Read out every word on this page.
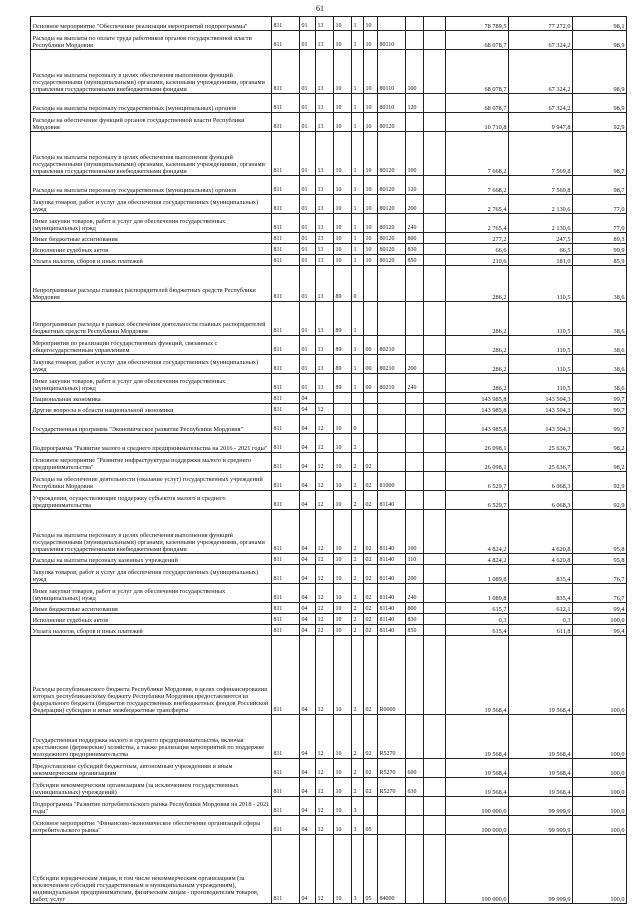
61
Основное мероприятие "Обеспечение реализации мероприятий подпрограммы"	811	01	13	10	1	10				78 789,5	77 272,0	98,1
Расходы на выплаты по оплате труда работников органов государственной власти Республики Мордовия	811	01	13	10	1	10	80110			68 078,7	67 324,2	98,9
Расходы на выплаты персоналу в целях обеспечения выполнения функций государственными (муниципальными) органами, казенными учреждениями, органами управления государственными внебюджетными фондами	811	01	13	10	1	10	80110	100		68 078,7	67 324,2	98,9
Расходы на выплаты персоналу государственных (муниципальных) органов	811	01	13	10	1	10	80110	120		68 078,7	67 324,2	98,9
Расходы на обеспечение функций органов государственной власти Республики Мордовия	811	01	13	10	1	10	80120			10 710,8	9 947,8	92,9
Расходы на выплаты персоналу в целях обеспечения выполнения функций государственными (муниципальными) органами, казенными учреждениями, органами управления государственными внебюджетными фондами	811	01	13	10	1	10	80120	100		7 668,2	7 569,8	98,7
Расходы на выплаты персоналу государственных (муниципальных) органов	811	01	13	10	1	10	80120	120		7 668,2	7 569,8	98,7
Закупка товаров, работ и услуг для обеспечения государственных (муниципальных) нужд	811	01	13	10	1	10	80120	200		2 765,4	2 130,6	77,0
Иные закупки товаров, работ и услуг для обеспечения государственных (муниципальных) нужд	811	01	13	10	1	10	80120	240		2 765,4	2 130,6	77,0
Иные бюджетные ассигнования	811	01	13	10	1	10	80120	800		277,2	247,5	89,3
Исполнение судебных актов	811	01	13	10	1	10	80120	830		66,6	66,5	99,9
Уплата налогов, сборов и иных платежей	811	01	13	10	1	10	80120	850		210,6	181,0	85,9
Непрограммные расходы главных распорядителей бюджетных средств Республики Мордовия	811	01	13	89	0					286,2	110,5	38,6
Непрограммные расходы в рамках обеспечения деятельности главных распорядителей бюджетных средств Республики Мордовия	811	01	13	89	1					286,2	110,5	38,6
Мероприятия по реализации государственных функций, связанных с общегосударственным управлением	811	01	13	89	1	00	80210			286,2	110,5	38,6
Закупка товаров, работ и услуг для обеспечения государственных (муниципальных) нужд	811	01	13	89	1	00	80210	200		286,2	110,5	38,6
Иные закупки товаров, работ и услуг для обеспечения государственных (муниципальных) нужд	811	01	13	89	1	00	80210	240		286,2	110,5	38,6
Национальная экономика	811	04								143 985,8	143 504,3	99,7
Другие вопросы в области национальной экономики	811	04	12							143 985,8	143 504,3	99,7
Государственная программа "Экономическое развитие Республики Мордовия"	811	04	12	10	0					143 985,8	143 504,3	99,7
Подпрограмма "Развитие малого и среднего предпринимательства на 2016 - 2021 годы"	811	04	12	10	2					26 098,1	25 636,7	98,2
Основное мероприятие "Развитие инфраструктуры поддержки малого и среднего предпринимательства"	811	04	12	10	2	02				26 098,1	25 636,7	98,2
Расходы на обеспечение деятельности (оказание услуг) государственных учреждений Республики Мордовия	811	04	12	10	2	02	81000			6 529,7	6 068,3	92,9
Учреждения, осуществляющие поддержку субъектов малого и среднего предпринимательства	811	04	12	10	2	02	81140			6 529,7	6 068,3	92,9
Расходы на выплаты персоналу в целях обеспечения выполнения функций государственными (муниципальными) органами, казенными учреждениями, органами управления государственными внебюджетными фондами	811	04	12	10	2	02	81140	100		4 824,2	4 620,8	95,8
Расходы на выплаты персоналу казенных учреждений	811	04	12	10	2	02	81140	110		4 824,2	4 620,8	95,8
Закупка товаров, работ и услуг для обеспечения государственных (муниципальных) нужд	811	04	12	10	2	02	81140	200		1 089,8	835,4	76,7
Иные закупки товаров, работ и услуг для обеспечения государственных (муниципальных) нужд	811	04	12	10	2	02	81140	240		1 089,8	835,4	76,7
Иные бюджетные ассигнования	811	04	12	10	2	02	81140	800		615,7	612,1	99,4
Исполнение судебных актов	811	04	12	10	2	02	81140	830		0,3	0,3	100,0
Уплата налогов, сборов и иных платежей	811	04	12	10	2	02	81140	850		615,4	611,8	99,4
Расходы республиканского бюджета Республики Мордовия, в целях софинансирования которых республиканскому бюджету Республики Мордовия предоставляются из федерального бюджета (бюджетов государственных внебюджетных фондов Российской Федерации) субсидии и иные межбюджетные трансферты	811	04	12	10	2	02	R0000			19 568,4	19 568,4	100,0
Государственная поддержка малого и среднего предпринимательства, включая крестьянские (фермерские) хозяйства, а также реализация мероприятий по поддержке молодежного предпринимательства	811	04	12	10	2	02	R5270			19 568,4	19 568,4	100,0
Предоставление субсидий бюджетным, автономным учреждениям и иным некоммерческим организациям	811	04	12	10	2	02	R5270	600		19 568,4	19 568,4	100,0
Субсидии некоммерческим организациям (за исключением государственных (муниципальных) учреждений)	811	04	12	10	2	02	R5270	630		19 568,4	19 568,4	100,0
Подпрограмма "Развитие потребительского рынка Республики Мордовия на 2018 - 2021 годы"	811	04	12	10	3					100 000,0	99 999,9	100,0
Основное мероприятие "Финансово-экономическое обеспечение организаций сферы потребительского рынка"	811	04	12	10	3	05				100 000,0	99 999,9	100,0
Субсидии юридическим лицам, в том числе некоммерческим организациям (за исключением субсидий государственным и муниципальным учреждениям), индивидуальным предпринимателям, физическим лицам - производителям товаров, работ, услуг	811	04	12	10	3	05	84000			100 000,0	99 999,9	100,0
